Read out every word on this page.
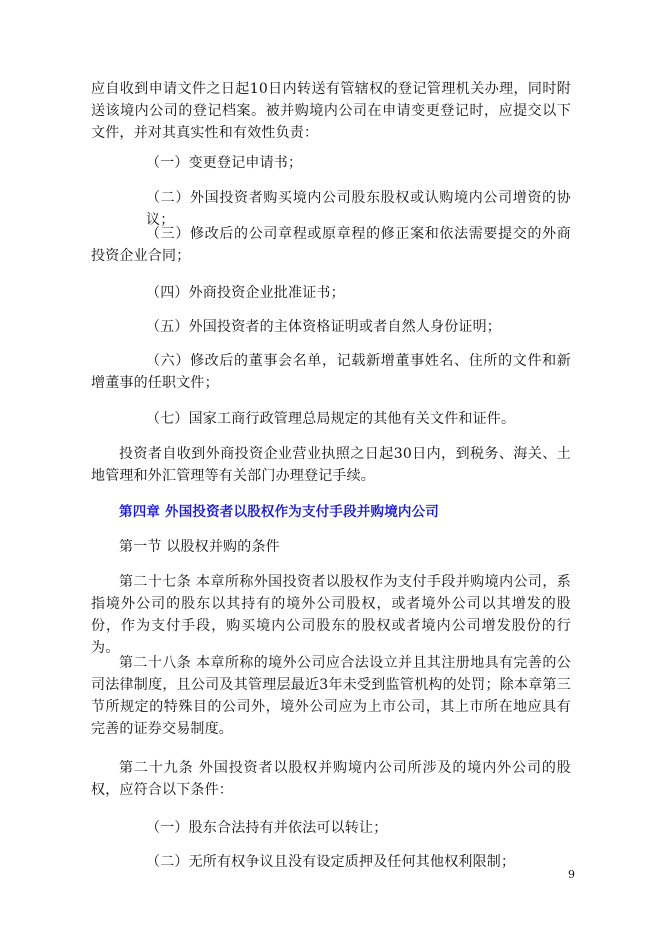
应自收到申请文件之日起10日内转送有管辖权的登记管理机关办理，同时附送该境内公司的登记档案。被并购境内公司在申请变更登记时，应提交以下文件，并对其真实性和有效性负责：

（一）变更登记申请书；

（二）外国投资者购买境内公司股东股权或认购境内公司增资的协议；

（三）修改后的公司章程或原章程的修正案和依法需要提交的外商投资企业合同；

（四）外商投资企业批准证书；

（五）外国投资者的主体资格证明或者自然人身份证明；

（六）修改后的董事会名单，记载新增董事姓名、住所的文件和新增董事的任职文件；

（七）国家工商行政管理总局规定的其他有关文件和证件。

投资者自收到外商投资企业营业执照之日起30日内，到税务、海关、土地管理和外汇管理等有关部门办理登记手续。

第四章 外国投资者以股权作为支付手段并购境内公司

第一节 以股权并购的条件

第二十七条 本章所称外国投资者以股权作为支付手段并购境内公司，系指境外公司的股东以其持有的境外公司股权，或者境外公司以其增发的股份，作为支付手段，购买境内公司股东的股权或者境内公司增发股份的行为。

第二十八条 本章所称的境外公司应合法设立并且其注册地具有完善的公司法律制度，且公司及其管理层最近3年未受到监管机构的处罚；除本章第三节所规定的特殊目的公司外，境外公司应为上市公司，其上市所在地应具有完善的证券交易制度。

第二十九条 外国投资者以股权并购境内公司所涉及的境内外公司的股权，应符合以下条件：

（一）股东合法持有并依法可以转让；

（二）无所有权争议且没有设定质押及任何其他权利限制；

9
